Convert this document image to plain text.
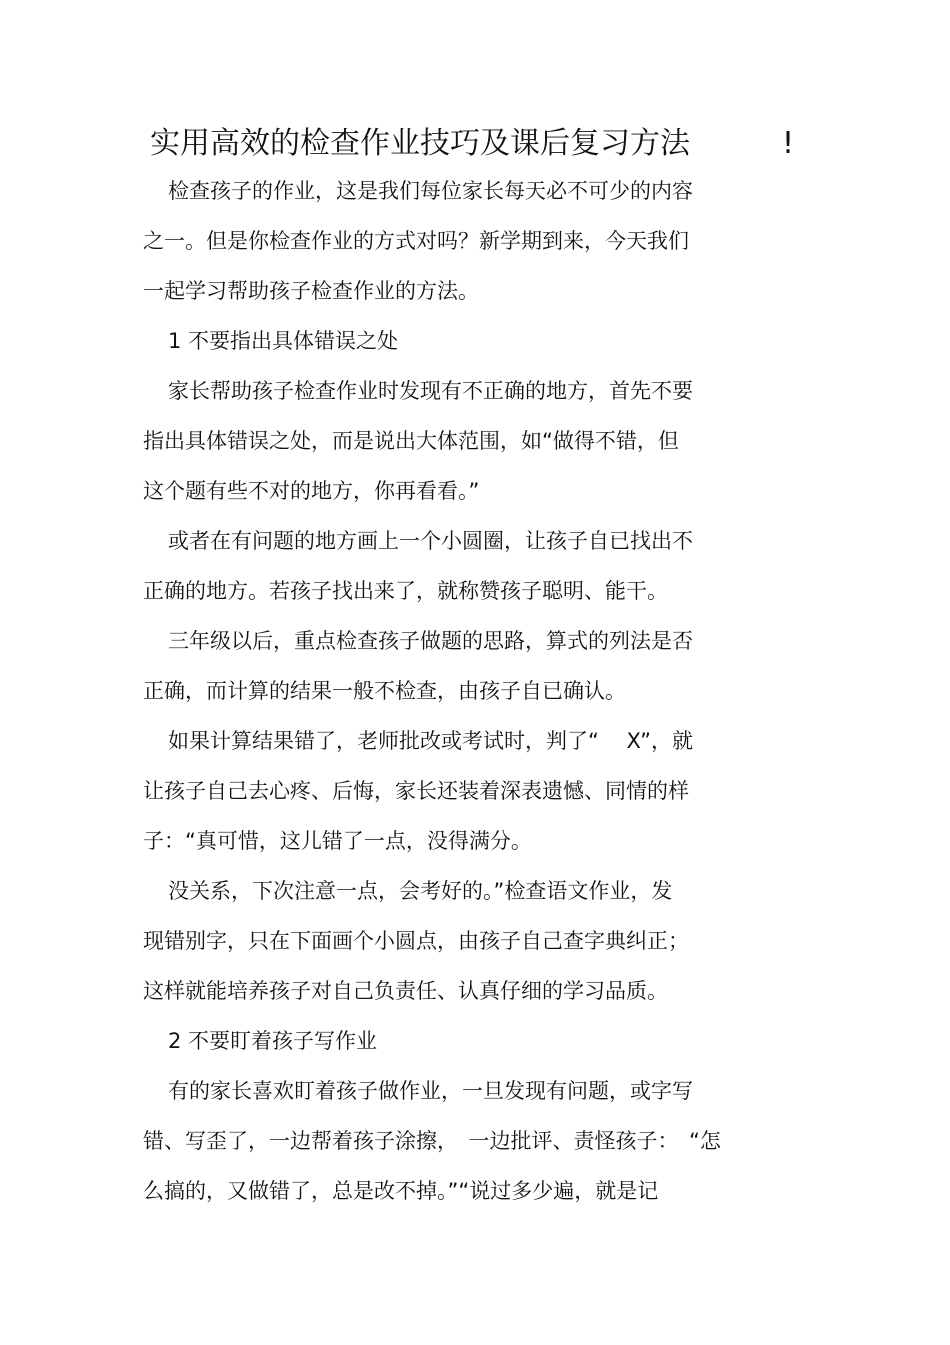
实用高效的检查作业技巧及课后复习方法	!
检查孩子的作业，这是我们每位家长每天必不可少的内容
之一。但是你检查作业的方式对吗？新学期到来，今天我们
一起学习帮助孩子检查作业的方法。
1 不要指出具体错误之处
家长帮助孩子检查作业时发现有不正确的地方，首先不要
指出具体错误之处，而是说出大体范围，如“做得不错，但
这个题有些不对的地方，你再看看。”
或者在有问题的地方画上一个小圆圈，让孩子自已找出不
正确的地方。若孩子找出来了，就称赞孩子聪明、能干。
三年级以后，重点检查孩子做题的思路，算式的列法是否
正确，而计算的结果一般不检查，由孩子自已确认。
如果计算结果错了，老师批改或考试时，判了“　 X”，就
让孩子自己去心疼、后悔，家长还装着深表遗憾、同情的样
子：“真可惜，这儿错了一点，没得满分。
没关系，下次注意一点，会考好的。”检查语文作业，发
现错别字，只在下面画个小圆点，由孩子自己查字典纠正；
这样就能培养孩子对自己负责任、认真仔细的学习品质。
2 不要盯着孩子写作业
有的家长喜欢盯着孩子做作业，一旦发现有问题，或字写
错、写歪了，一边帮着孩子涂擦，　一边批评、责怪孩子：　“怎
么搞的，又做错了，总是改不掉。”“说过多少遍，就是记
